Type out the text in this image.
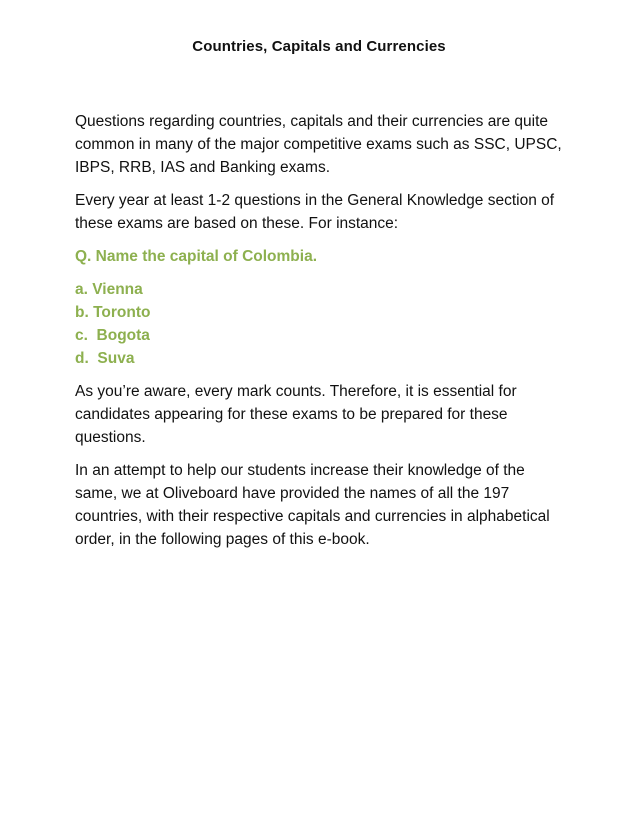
Countries, Capitals and Currencies

Questions regarding countries, capitals and their currencies are quite common in many of the major competitive exams such as SSC, UPSC, IBPS, RRB, IAS and Banking exams.

Every year at least 1-2 questions in the General Knowledge section of these exams are based on these. For instance:

Q. Name the capital of Colombia.

a. Vienna
b. Toronto
c.  Bogota
d.  Suva

As you’re aware, every mark counts. Therefore, it is essential for candidates appearing for these exams to be prepared for these questions.

In an attempt to help our students increase their knowledge of the same, we at Oliveboard have provided the names of all the 197 countries, with their respective capitals and currencies in alphabetical order, in the following pages of this e-book.
